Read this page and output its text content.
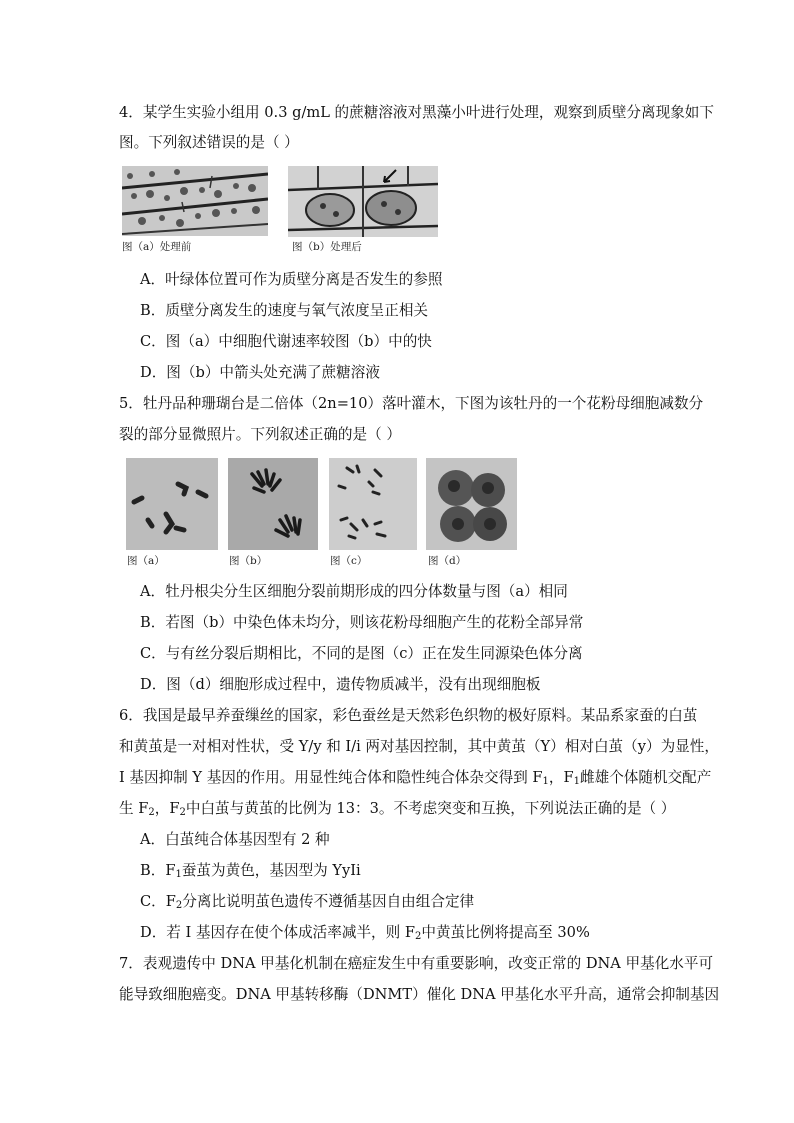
4．某学生实验小组用 0.3 g/mL 的蔗糖溶液对黑藻小叶进行处理，观察到质壁分离现象如下
图。下列叙述错误的是（ ）
图（a）处理前	图（b）处理后
A．叶绿体位置可作为质壁分离是否发生的参照
B．质壁分离发生的速度与氧气浓度呈正相关
C．图（a）中细胞代谢速率较图（b）中的快
D．图（b）中箭头处充满了蔗糖溶液
5．牡丹品种珊瑚台是二倍体（2n=10）落叶灌木，下图为该牡丹的一个花粉母细胞减数分
裂的部分显微照片。下列叙述正确的是（ ）
图（a）	图（b）	图（c）	图（d）
A．牡丹根尖分生区细胞分裂前期形成的四分体数量与图（a）相同
B．若图（b）中染色体未均分，则该花粉母细胞产生的花粉全部异常
C．与有丝分裂后期相比，不同的是图（c）正在发生同源染色体分离
D．图（d）细胞形成过程中，遗传物质减半，没有出现细胞板
6．我国是最早养蚕缫丝的国家，彩色蚕丝是天然彩色织物的极好原料。某品系家蚕的白茧
和黄茧是一对相对性状，受 Y/y 和 I/i 两对基因控制，其中黄茧（Y）相对白茧（y）为显性，
I 基因抑制 Y 基因的作用。用显性纯合体和隐性纯合体杂交得到 $F_1$，$F_1$雌雄个体随机交配产
生 $F_2$，$F_2$中白茧与黄茧的比例为 13：3。不考虑突变和互换，下列说法正确的是（ ）
A．白茧纯合体基因型有 2 种
B．$F_1$蚕茧为黄色，基因型为 YyIi
C．$F_2$分离比说明茧色遗传不遵循基因自由组合定律
D．若 I 基因存在使个体成活率减半，则 $F_2$中黄茧比例将提高至 30%
7．表观遗传中 DNA 甲基化机制在癌症发生中有重要影响，改变正常的 DNA 甲基化水平可
能导致细胞癌变。DNA 甲基转移酶（DNMT）催化 DNA 甲基化水平升高，通常会抑制基因
